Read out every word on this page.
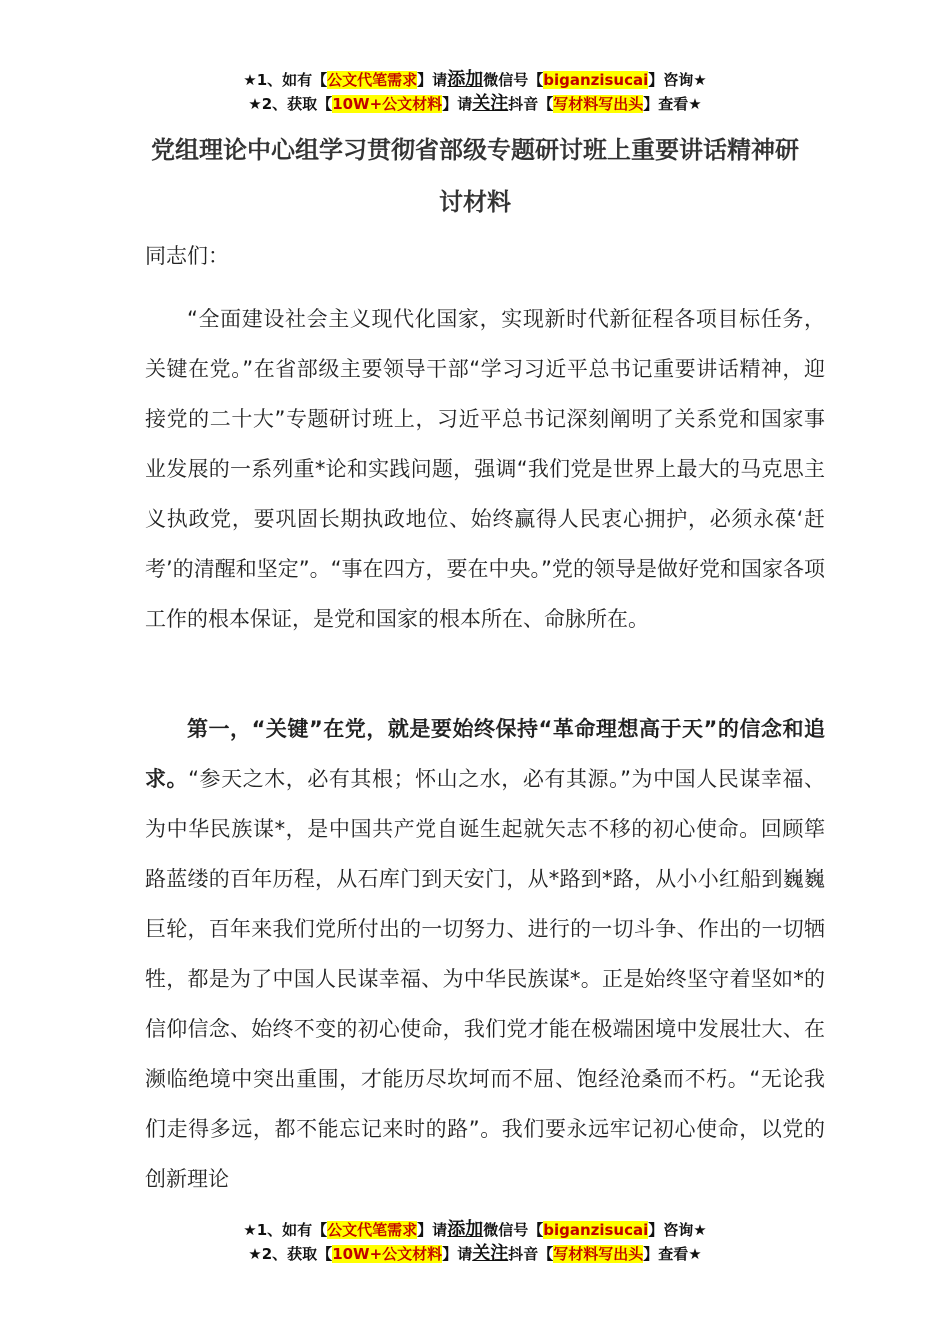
★1、如有【公文代笔需求】请添加微信号【biganzisucai】咨询★
★2、获取【10W+公文材料】请关注抖音【写材料写出头】查看★
党组理论中心组学习贯彻省部级专题研讨班上重要讲话精神研讨材料
同志们：

“全面建设社会主义现代化国家，实现新时代新征程各项目标任务，关键在党。”在省部级主要领导干部“学习习近平总书记重要讲话精神，迎接党的二十大”专题研讨班上，习近平总书记深刻阐明了关系党和国家事业发展的一系列重*论和实践问题，强调“我们党是世界上最大的马克思主义执政党，要巩固长期执政地位、始终赢得人民衷心拥护，必须永葆‘赶考’的清醒和坚定”。“事在四方，要在中央。”党的领导是做好党和国家各项工作的根本保证，是党和国家的根本所在、命脉所在。

第一，“关键”在党，就是要始终保持“革命理想高于天”的信念和追求。“参天之木，必有其根；怀山之水，必有其源。”为中国人民谋幸福、为中华民族谋*，是中国共产党自诞生起就矢志不移的初心使命。回顾筚路蓝缕的百年历程，从石库门到天安门，从*路到*路，从小小红船到巍巍巨轮，百年来我们党所付出的一切努力、进行的一切斗争、作出的一切牺牲，都是为了中国人民谋幸福、为中华民族谋*。正是始终坚守着坚如*的信仰信念、始终不变的初心使命，我们党才能在极端困境中发展壮大、在濒临绝境中突出重围，才能历尽坎坷而不屈、饱经沧桑而不朽。“无论我们走得多远，都不能忘记来时的路”。我们要永远牢记初心使命，以党的创新理论

★1、如有【公文代笔需求】请添加微信号【biganzisucai】咨询★
★2、获取【10W+公文材料】请关注抖音【写材料写出头】查看★
